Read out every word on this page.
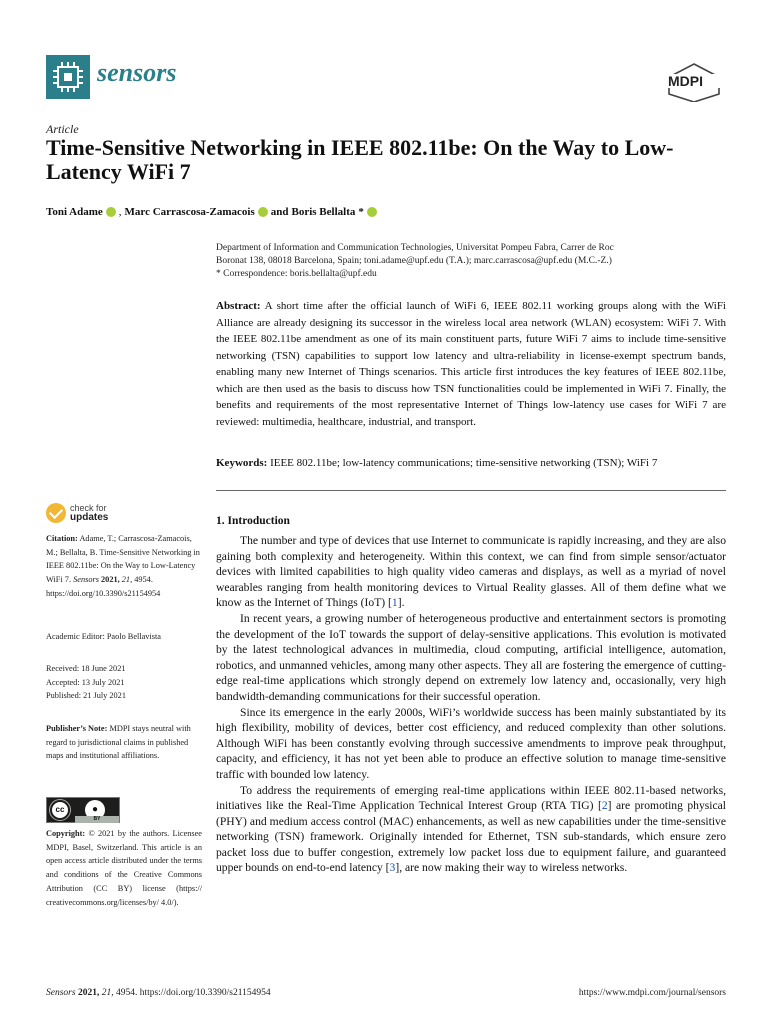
sensors	MDPI
Article
Time-Sensitive Networking in IEEE 802.11be: On the Way to Low-Latency WiFi 7
Toni Adame , Marc Carrascosa-Zamacois and Boris Bellalta *

Department of Information and Communication Technologies, Universitat Pompeu Fabra, Carrer de Roc

Boronat 138, 08018 Barcelona, Spain; toni.adame@upf.edu (T.A.); marc.carrascosa@upf.edu (M.C.-Z.)

* Correspondence: boris.bellalta@upf.edu

Abstract: A short time after the official launch of WiFi 6, IEEE 802.11 working groups along with the WiFi Alliance are already designing its successor in the wireless local area network (WLAN) ecosystem: WiFi 7. With the IEEE 802.11be amendment as one of its main constituent parts, future WiFi 7 aims to include time-sensitive networking (TSN) capabilities to support low latency and ultra-reliability in license-exempt spectrum bands, enabling many new Internet of Things scenarios. This article first introduces the key features of IEEE 802.11be, which are then used as the basis to discuss how TSN functionalities could be implemented in WiFi 7. Finally, the benefits and requirements of the most representative Internet of Things low-latency use cases for WiFi 7 are reviewed: multimedia, healthcare, industrial, and transport.
Keywords: IEEE 802.11be; low-latency communications; time-sensitive networking (TSN); WiFi 7
check for
updates
Citation: Adame, T.; Carrascosa-Zamacois, M.; Bellalta, B. Time-Sensitive Networking in IEEE 802.11be: On the Way to Low-Latency WiFi 7. Sensors 2021, 21, 4954. https://doi.org/10.3390/s21154954
Academic Editor: Paolo Bellavista
Received: 18 June 2021
Accepted: 13 July 2021
Published: 21 July 2021
Publisher’s Note: MDPI stays neutral with regard to jurisdictional claims in published maps and institutional affiliations.
cc	●
BY
Copyright: © 2021 by the authors. Licensee MDPI, Basel, Switzerland. This article is an open access article distributed under the terms and conditions of the Creative Commons Attribution (CC BY) license (https:// creativecommons.org/licenses/by/ 4.0/).
1. Introduction

The number and type of devices that use Internet to communicate is rapidly increasing, and they are also gaining both complexity and heterogeneity. Within this context, we can find from simple sensor/actuator devices with limited capabilities to high quality video cameras and displays, as well as a myriad of novel wearables ranging from health monitoring devices to Virtual Reality glasses. All of them define what we know as the Internet of Things (IoT) [1].

In recent years, a growing number of heterogeneous productive and entertainment sectors is promoting the development of the IoT towards the support of delay-sensitive applications. This evolution is motivated by the latest technological advances in multimedia, cloud computing, artificial intelligence, automation, robotics, and unmanned vehicles, among many other aspects. They all are fostering the emergence of cutting-edge real-time applications which strongly depend on extremely low latency and, occasionally, very high bandwidth-demanding communications for their successful operation.

Since its emergence in the early 2000s, WiFi’s worldwide success has been mainly substantiated by its high flexibility, mobility of devices, better cost efficiency, and reduced complexity than other solutions. Although WiFi has been constantly evolving through successive amendments to improve peak throughput, capacity, and efficiency, it has not yet been able to produce an effective solution to manage time-sensitive traffic with bounded low latency.

To address the requirements of emerging real-time applications within IEEE 802.11-based networks, initiatives like the Real-Time Application Technical Interest Group (RTA TIG) [2] are promoting physical (PHY) and medium access control (MAC) enhancements, as well as new capabilities under the time-sensitive networking (TSN) framework. Originally intended for Ethernet, TSN sub-standards, which ensure zero packet loss due to buffer congestion, extremely low packet loss due to equipment failure, and guaranteed upper bounds on end-to-end latency [3], are now making their way to wireless networks.

Sensors 2021, 21, 4954. https://doi.org/10.3390/s21154954	https://www.mdpi.com/journal/sensors
